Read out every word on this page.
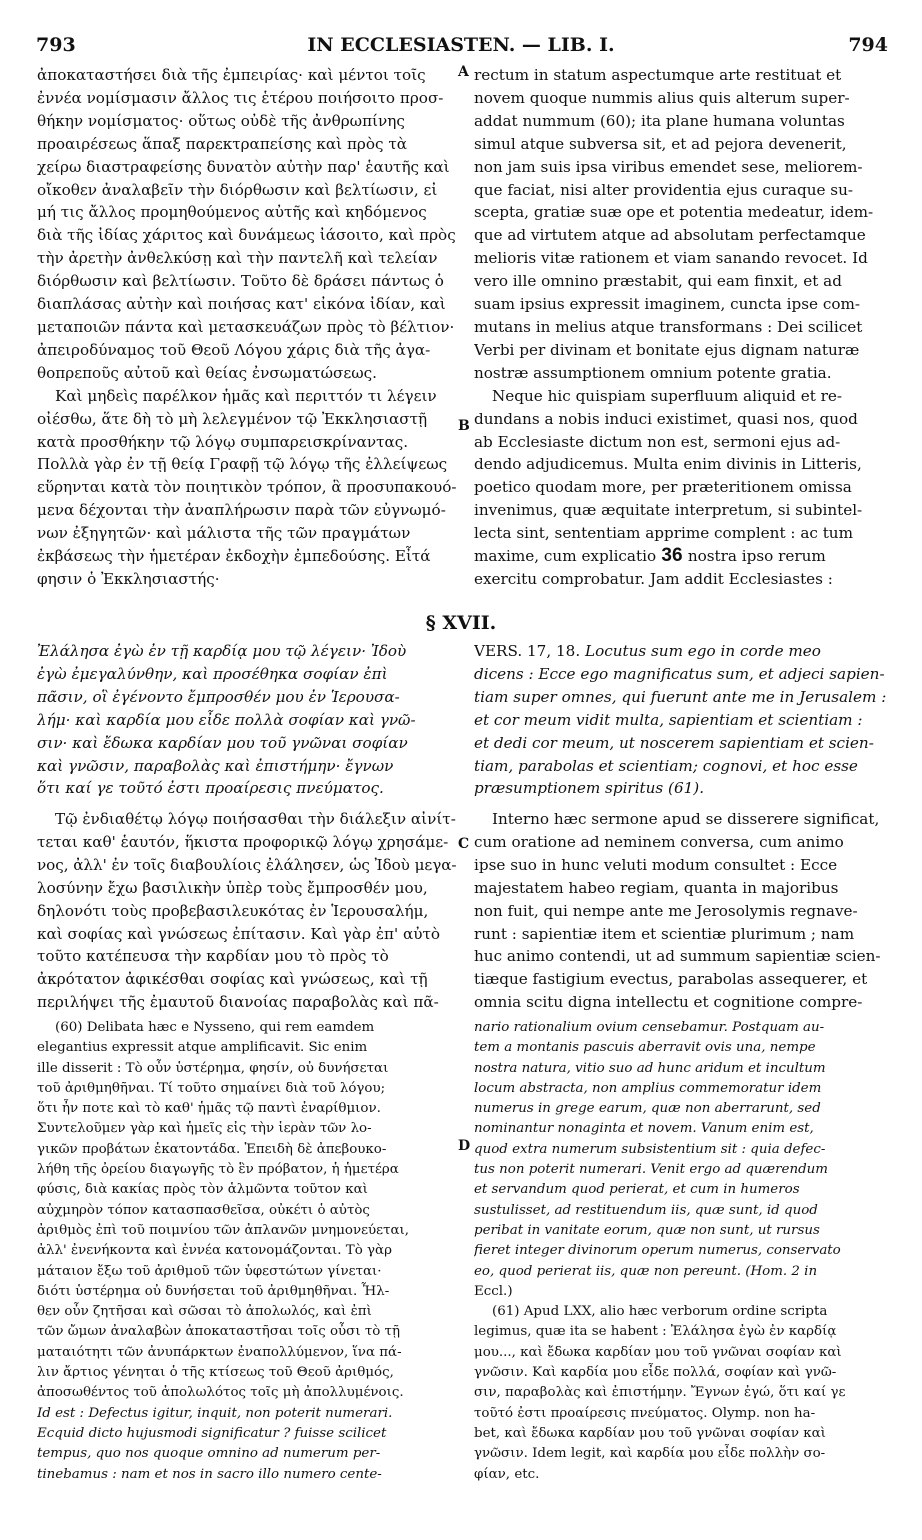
793	IN ECCLESIASTEN. — LIB. I.	794
A
B
C
D
ἀποκαταστήσει διὰ τῆς ἐμπειρίας· καὶ μέντοι τοῖς
ἐννέα νομίσμασιν ἄλλος τις ἑτέρου ποιήσοιτο προσ-
θήκην νομίσματος· οὕτως οὐδὲ τῆς ἀνθρωπίνης
προαιρέσεως ἅπαξ παρεκτραπείσης καὶ πρὸς τὰ
χείρω διαστραφείσης δυνατὸν αὐτὴν παρ' ἑαυτῆς καὶ
οἴκοθεν ἀναλαβεῖν τὴν διόρθωσιν καὶ βελτίωσιν, εἰ
μή τις ἄλλος προμηθούμενος αὐτῆς καὶ κηδόμενος
διὰ τῆς ἰδίας χάριτος καὶ δυνάμεως ἰάσοιτο, καὶ πρὸς
τὴν ἀρετὴν ἀνθελκύσῃ καὶ τὴν παντελῆ καὶ τελείαν
διόρθωσιν καὶ βελτίωσιν. Τοῦτο δὲ δράσει πάντως ὁ
διαπλάσας αὐτὴν καὶ ποιήσας κατ' εἰκόνα ἰδίαν, καὶ
μεταποιῶν πάντα καὶ μετασκευάζων πρὸς τὸ βέλτιον·
ἀπειροδύναμος τοῦ Θεοῦ Λόγου χάρις διὰ τῆς ἀγα-
θοπρεποῦς αὐτοῦ καὶ θείας ἐνσωματώσεως.
Καὶ μηδεὶς παρέλκον ἡμᾶς καὶ περιττόν τι λέγειν
οἰέσθω, ἅτε δὴ τὸ μὴ λελεγμένον τῷ Ἐκκλησιαστῇ
κατὰ προσθήκην τῷ λόγῳ συμπαρεισκρίναντας.
Πολλὰ γὰρ ἐν τῇ θείᾳ Γραφῇ τῷ λόγῳ τῆς ἐλλείψεως
εὕρηνται κατὰ τὸν ποιητικὸν τρόπον, ἃ προσυπακουό-
μενα δέχονται τὴν ἀναπλήρωσιν παρὰ τῶν εὐγνωμό-
νων ἐξηγητῶν· καὶ μάλιστα τῆς τῶν πραγμάτων
ἐκβάσεως τὴν ἡμετέραν ἐκδοχὴν ἐμπεδούσης. Εἶτά
φησιν ὁ Ἐκκλησιαστής·
rectum in statum aspectumque arte restituat et
novem quoque nummis alius quis alterum super-
addat nummum (60); ita plane humana voluntas
simul atque subversa sit, et ad pejora devenerit,
non jam suis ipsa viribus emendet sese, meliorem-
que faciat, nisi alter providentia ejus curaque su-
scepta, gratiæ suæ ope et potentia medeatur, idem-
que ad virtutem atque ad absolutam perfectamque
melioris vitæ rationem et viam sanando revocet. Id
vero ille omnino præstabit, qui eam finxit, et ad
suam ipsius expressit imaginem, cuncta ipse com-
mutans in melius atque transformans : Dei scilicet
Verbi per divinam et bonitate ejus dignam naturæ
nostræ assumptionem omnium potente gratia.
Neque hic quispiam superfluum aliquid et re-
dundans a nobis induci existimet, quasi nos, quod
ab Ecclesiaste dictum non est, sermoni ejus ad-
dendo adjudicemus. Multa enim divinis in Litteris,
poetico quodam more, per præteritionem omissa
invenimus, quæ æquitate interpretum, si subintel-
lecta sint, sententiam apprime complent : ac tum
maxime, cum explicatio 36 nostra ipso rerum
exercitu comprobatur. Jam addit Ecclesiastes :
§ XVII.
Ἐλάλησα ἐγὼ ἐν τῇ καρδίᾳ μου τῷ λέγειν· Ἰδοὺ
ἐγὼ ἐμεγαλύνθην, καὶ προσέθηκα σοφίαν ἐπὶ
πᾶσιν, οἳ ἐγένοντο ἔμπροσθέν μου ἐν Ἱερουσα-
λήμ· καὶ καρδία μου εἶδε πολλὰ σοφίαν καὶ γνῶ-
σιν· καὶ ἔδωκα καρδίαν μου τοῦ γνῶναι σοφίαν
καὶ γνῶσιν, παραβολὰς καὶ ἐπιστήμην· ἔγνων
ὅτι καί γε τοῦτό ἐστι προαίρεσις πνεύματος.
VERS. 17, 18. Locutus sum ego in corde meo
dicens : Ecce ego magnificatus sum, et adjeci sapien-
tiam super omnes, qui fuerunt ante me in Jerusalem :
et cor meum vidit multa, sapientiam et scientiam :
et dedi cor meum, ut noscerem sapientiam et scien-
tiam, parabolas et scientiam; cognovi, et hoc esse
præsumptionem spiritus (61).
Τῷ ἐνδιαθέτῳ λόγῳ ποιήσασθαι τὴν διάλεξιν αἰνίτ-
τεται καθ' ἑαυτόν, ἥκιστα προφορικῷ λόγῳ χρησάμε-
νος, ἀλλ' ἐν τοῖς διαβουλίοις ἐλάλησεν, ὡς Ἰδοὺ μεγα-
λοσύνην ἔχω βασιλικὴν ὑπὲρ τοὺς ἔμπροσθέν μου,
δηλονότι τοὺς προβεβασιλευκότας ἐν Ἱερουσαλήμ,
καὶ σοφίας καὶ γνώσεως ἐπίτασιν. Καὶ γὰρ ἐπ' αὐτὸ
τοῦτο κατέπευσα τὴν καρδίαν μου τὸ πρὸς τὸ
ἀκρότατον ἀφικέσθαι σοφίας καὶ γνώσεως, καὶ τῇ
περιλήψει τῆς ἐμαυτοῦ διανοίας παραβολὰς καὶ πᾶ-
Interno hæc sermone apud se disserere significat,
cum oratione ad neminem conversa, cum animo
ipse suo in hunc veluti modum consultet : Ecce
majestatem habeo regiam, quanta in majoribus
non fuit, qui nempe ante me Jerosolymis regnave-
runt : sapientiæ item et scientiæ plurimum ; nam
huc animo contendi, ut ad summum sapientiæ scien-
tiæque fastigium evectus, parabolas assequerer, et
omnia scitu digna intellectu et cognitione compre-
(60) Delibata hæc e Nysseno, qui rem eamdem
elegantius expressit atque amplificavit. Sic enim
ille disserit : Τὸ οὖν ὑστέρημα, φησίν, οὐ δυνήσεται
τοῦ ἀριθμηθῆναι. Τί τοῦτο σημαίνει διὰ τοῦ λόγου;
ὅτι ἦν ποτε καὶ τὸ καθ' ἡμᾶς τῷ παντὶ ἐναρίθμιον.
Συντελοῦμεν γὰρ καὶ ἡμεῖς εἰς τὴν ἱερὰν τῶν λο-
γικῶν προβάτων ἑκατοντάδα. Ἐπειδὴ δὲ ἀπεβουκο-
λήθη τῆς ὀρείου διαγωγῆς τὸ ἓν πρόβατον, ἡ ἡμετέρα
φύσις, διὰ κακίας πρὸς τὸν ἁλμῶντα τοῦτον καὶ
αὐχμηρὸν τόπον κατασπασθεῖσα, οὐκέτι ὁ αὐτὸς
ἀριθμὸς ἐπὶ τοῦ ποιμνίου τῶν ἀπλανῶν μνημονεύεται,
ἀλλ' ἐνενήκοντα καὶ ἐννέα κατονομάζονται. Τὸ γὰρ
μάταιον ἔξω τοῦ ἀριθμοῦ τῶν ὑφεστώτων γίνεται·
διότι ὑστέρημα οὐ δυνήσεται τοῦ ἀριθμηθῆναι. Ἦλ-
θεν οὖν ζητῆσαι καὶ σῶσαι τὸ ἀπολωλός, καὶ ἐπὶ
τῶν ὤμων ἀναλαβὼν ἀποκαταστῆσαι τοῖς οὖσι τὸ τῇ
ματαιότητι τῶν ἀνυπάρκτων ἐναπολλύμενον, ἵνα πά-
λιν ἄρτιος γένηται ὁ τῆς κτίσεως τοῦ Θεοῦ ἀριθμός,
ἀποσωθέντος τοῦ ἀπολωλότος τοῖς μὴ ἀπολλυμένοις.
Id est : Defectus igitur, inquit, non poterit numerari.
Ecquid dicto hujusmodi significatur ? fuisse scilicet
tempus, quo nos quoque omnino ad numerum per-
tinebamus : nam et nos in sacro illo numero cente-
nario rationalium ovium censebamur. Postquam au-
tem a montanis pascuis aberravit ovis una, nempe
nostra natura, vitio suo ad hunc aridum et incultum
locum abstracta, non amplius commemoratur idem
numerus in grege earum, quæ non aberrarunt, sed
nominantur nonaginta et novem. Vanum enim est,
quod extra numerum subsistentium sit : quia defec-
tus non poterit numerari. Venit ergo ad quærendum
et servandum quod perierat, et cum in humeros
sustulisset, ad restituendum iis, quæ sunt, id quod
peribat in vanitate eorum, quæ non sunt, ut rursus
fieret integer divinorum operum numerus, conservato
eo, quod perierat iis, quæ non pereunt. (Hom. 2 in
Eccl.)
(61) Apud LXX, alio hæc verborum ordine scripta
legimus, quæ ita se habent : Ἐλάλησα ἐγὼ ἐν καρδίᾳ
μου..., καὶ ἔδωκα καρδίαν μου τοῦ γνῶναι σοφίαν καὶ
γνῶσιν. Καὶ καρδία μου εἶδε πολλά, σοφίαν καὶ γνῶ-
σιν, παραβολὰς καὶ ἐπιστήμην. Ἔγνων ἐγώ, ὅτι καί γε
τοῦτό ἐστι προαίρεσις πνεύματος. Olymp. non ha-
bet, καὶ ἔδωκα καρδίαν μου τοῦ γνῶναι σοφίαν καὶ
γνῶσιν. Idem legit, καὶ καρδία μου εἶδε πολλὴν σο-
φίαν, etc.
